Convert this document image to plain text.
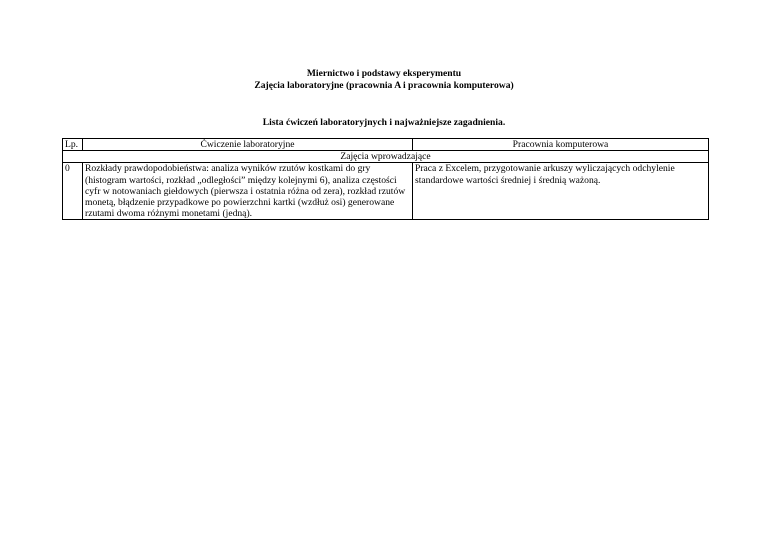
Miernictwo i podstawy eksperymentu
Zajęcia laboratoryjne (pracownia A i pracownia komputerowa)
Lista ćwiczeń laboratoryjnych i najważniejsze zagadnienia.
Lp.	Ćwiczenie laboratoryjne	Pracownia komputerowa
Zajęcia wprowadzające		
0	Rozkłady prawdopodobieństwa: analiza wyników rzutów kostkami do gry (histogram wartości, rozkład „odległości” między kolejnymi 6), analiza częstości cyfr w notowaniach giełdowych (pierwsza i ostatnia różna od zera), rozkład rzutów monetą, błądzenie przypadkowe po powierzchni kartki (wzdłuż osi) generowane rzutami dwoma różnymi monetami (jedną).	Praca z Excelem, przygotowanie arkuszy wyliczających odchylenie standardowe wartości średniej i średnią ważoną.
